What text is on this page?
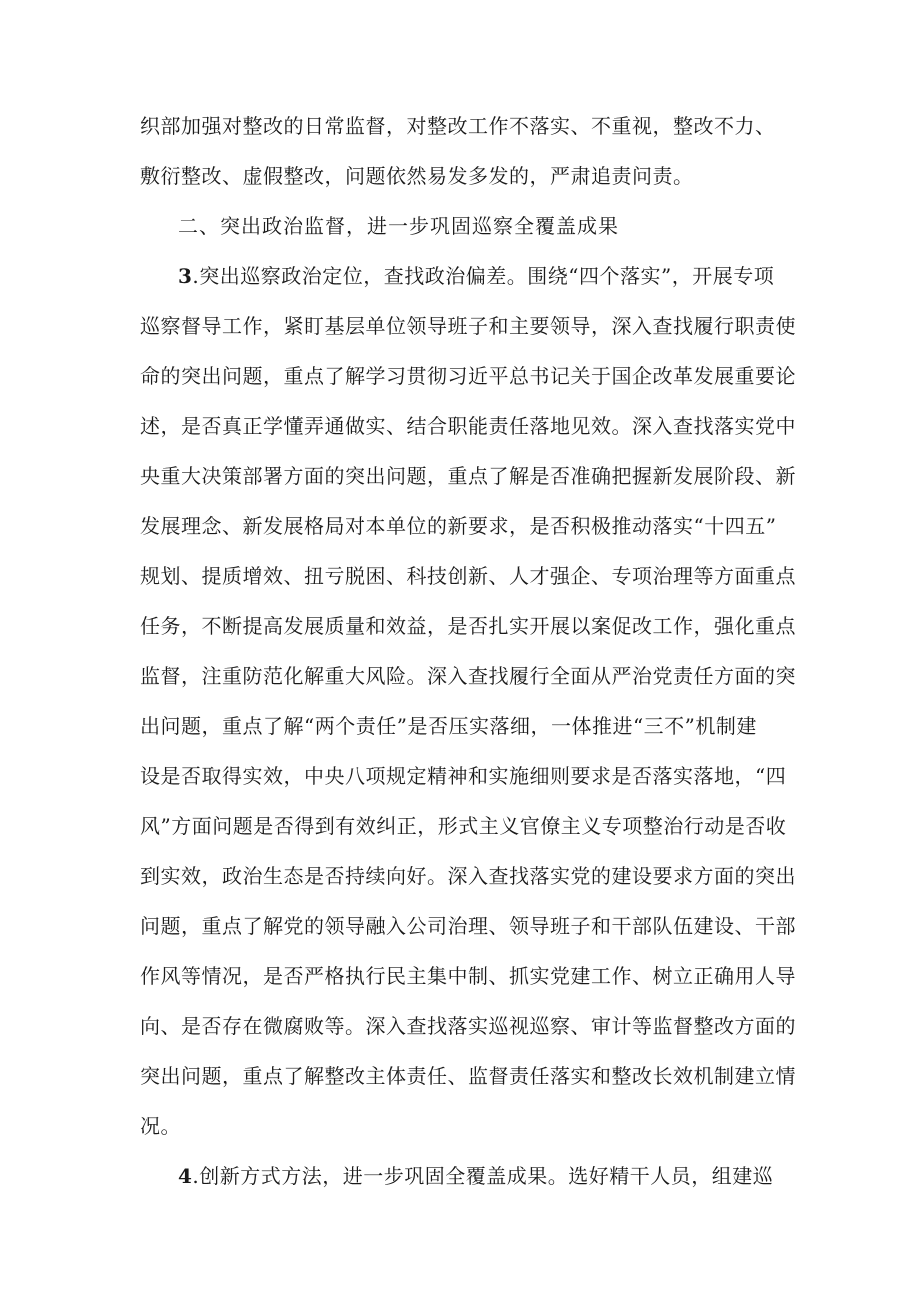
织部加强对整改的日常监督，对整改工作不落实、不重视，整改不力、
敷衍整改、虚假整改，问题依然易发多发的，严肃追责问责。
二、突出政治监督，进一步巩固巡察全覆盖成果
3.突出巡察政治定位，查找政治偏差。围绕“四个落实”，开展专项
巡察督导工作，紧盯基层单位领导班子和主要领导，深入查找履行职责使
命的突出问题，重点了解学习贯彻习近平总书记关于国企改革发展重要论
述，是否真正学懂弄通做实、结合职能责任落地见效。深入查找落实党中
央重大决策部署方面的突出问题，重点了解是否准确把握新发展阶段、新
发展理念、新发展格局对本单位的新要求，是否积极推动落实“十四五”
规划、提质增效、扭亏脱困、科技创新、人才强企、专项治理等方面重点
任务，不断提高发展质量和效益，是否扎实开展以案促改工作，强化重点
监督，注重防范化解重大风险。深入查找履行全面从严治党责任方面的突
出问题，重点了解“两个责任”是否压实落细，一体推进“三不”机制建
设是否取得实效，中央八项规定精神和实施细则要求是否落实落地，“四
风”方面问题是否得到有效纠正，形式主义官僚主义专项整治行动是否收
到实效，政治生态是否持续向好。深入查找落实党的建设要求方面的突出
问题，重点了解党的领导融入公司治理、领导班子和干部队伍建设、干部
作风等情况，是否严格执行民主集中制、抓实党建工作、树立正确用人导
向、是否存在微腐败等。深入查找落实巡视巡察、审计等监督整改方面的
突出问题，重点了解整改主体责任、监督责任落实和整改长效机制建立情
况。
4.创新方式方法，进一步巩固全覆盖成果。选好精干人员，组建巡
